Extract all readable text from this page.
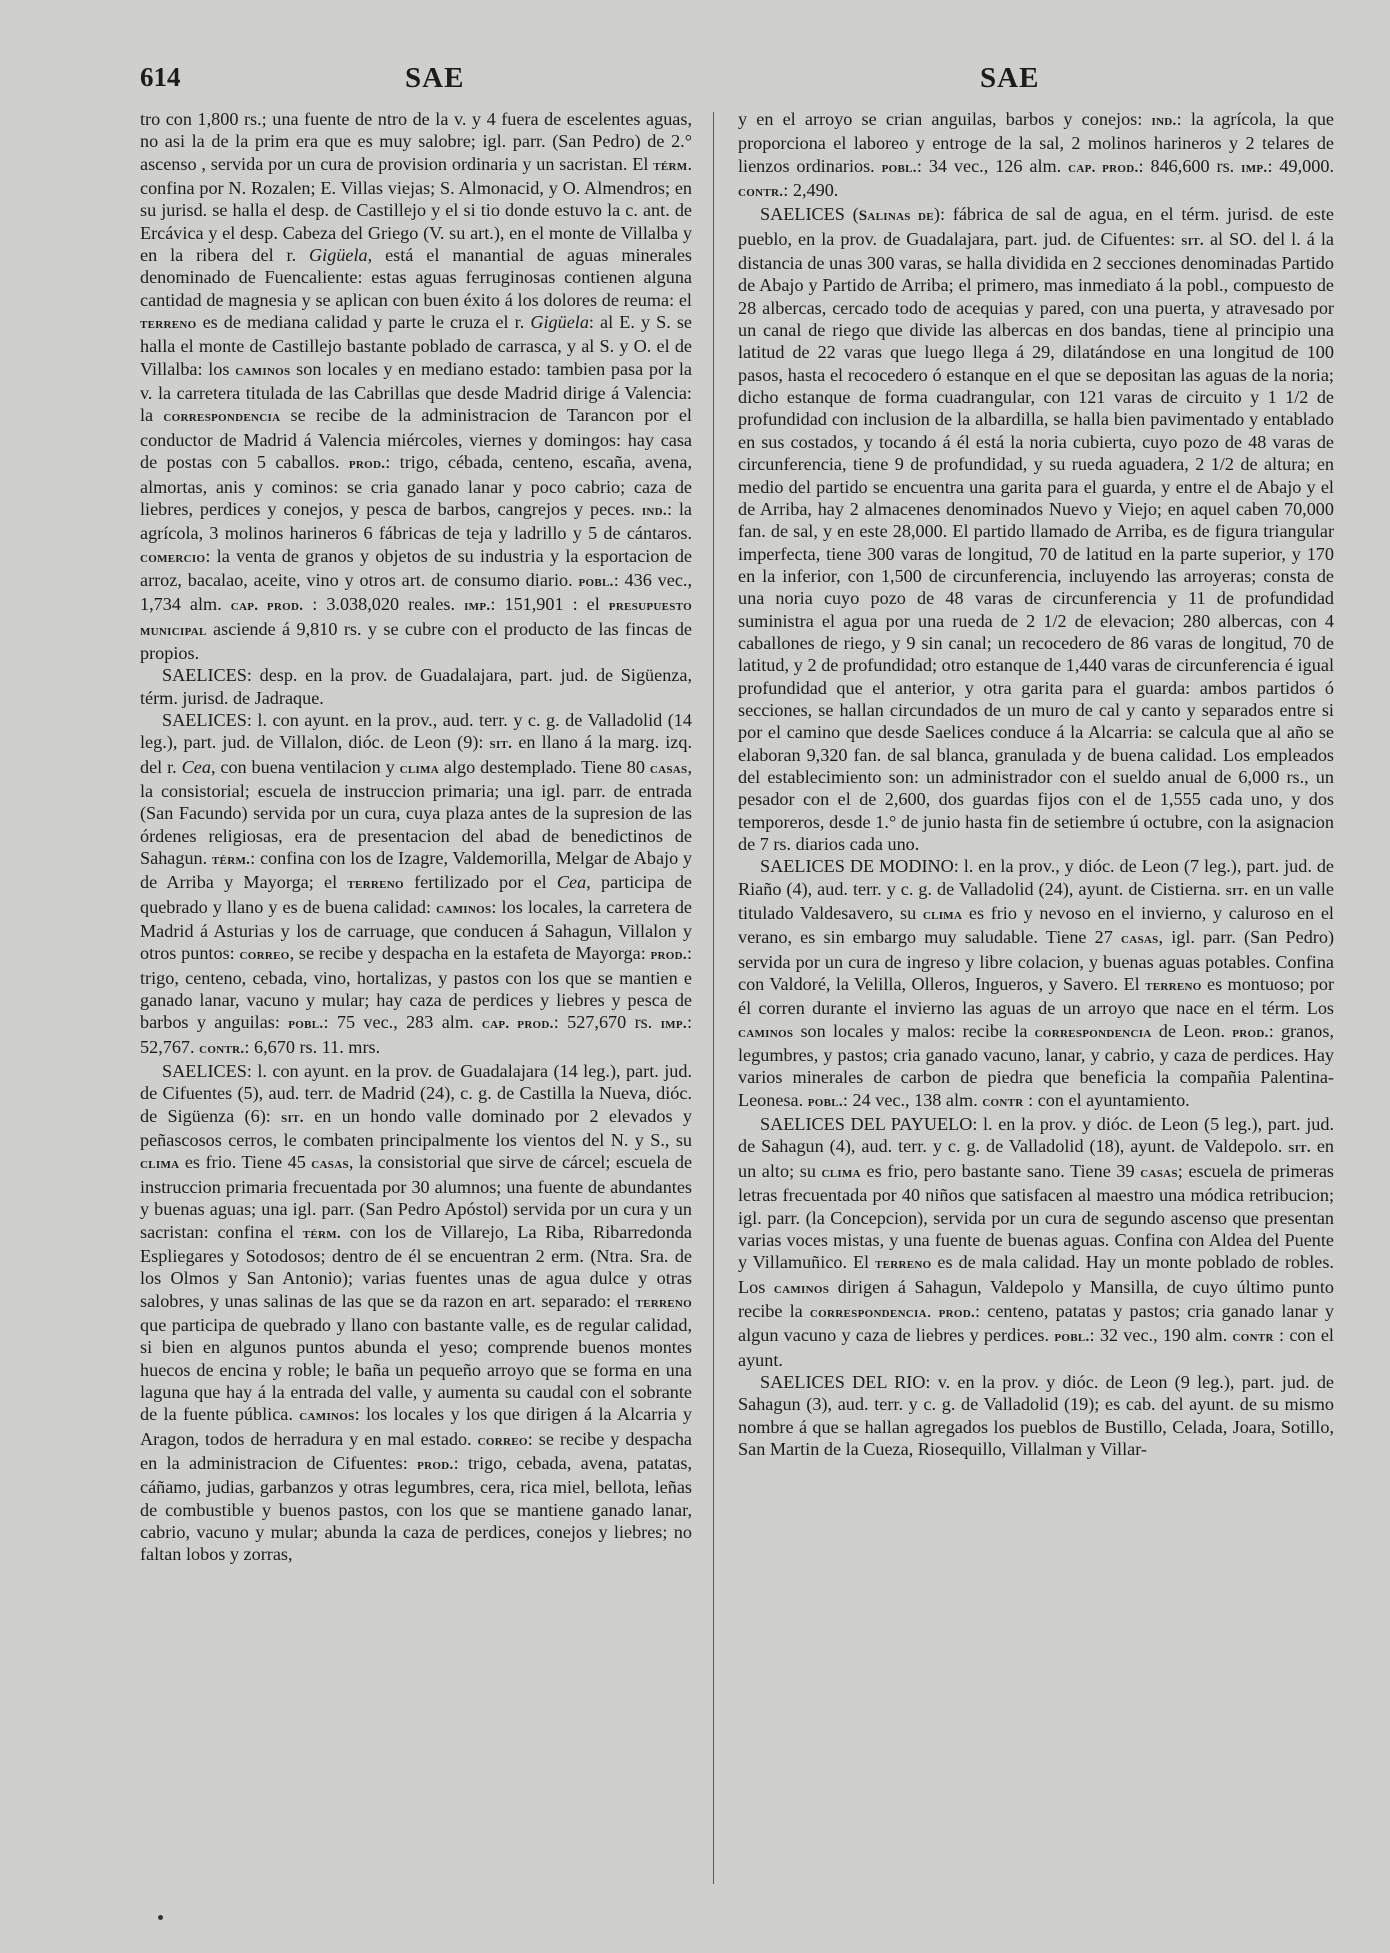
614	SAE	SAE

tro con 1,800 rs.; una fuente de ntro de la v. y 4 fuera de escelentes aguas, no asi la de la prim era que es muy salobre; igl. parr. (San Pedro) de 2.° ascenso , servida por un cura de provision ordinaria y un sacristan. El térm. confina por N. Rozalen; E. Villas viejas; S. Almonacid, y O. Almendros; en su jurisd. se halla el desp. de Castillejo y el si tio donde estuvo la c. ant. de Ercávica y el desp. Cabeza del Griego (V. su art.), en el monte de Villalba y en la ribera del r. Gigüela, está el manantial de aguas minerales denominado de Fuencaliente: estas aguas ferruginosas contienen alguna cantidad de magnesia y se aplican con buen éxito á los dolores de reuma: el terreno es de mediana calidad y parte le cruza el r. Gigüela: al E. y S. se halla el monte de Castillejo bastante poblado de carrasca, y al S. y O. el de Villalba: los caminos son locales y en mediano estado: tambien pasa por la v. la carretera titulada de las Cabrillas que desde Madrid dirige á Valencia: la correspondencia se recibe de la administracion de Tarancon por el conductor de Madrid á Valencia miércoles, viernes y domingos: hay casa de postas con 5 caballos. prod.: trigo, cébada, centeno, escaña, avena, almortas, anis y cominos: se cria ganado lanar y poco cabrio; caza de liebres, perdices y conejos, y pesca de barbos, cangrejos y peces. ind.: la agrícola, 3 molinos harineros 6 fábricas de teja y ladrillo y 5 de cántaros. comercio: la venta de granos y objetos de su industria y la esportacion de arroz, bacalao, aceite, vino y otros art. de consumo diario. pobl.: 436 vec., 1,734 alm. cap. prod. : 3.038,020 reales. imp.: 151,901 : el presupuesto municipal asciende á 9,810 rs. y se cubre con el producto de las fincas de propios.

SAELICES: desp. en la prov. de Guadalajara, part. jud. de Sigüenza, térm. jurisd. de Jadraque.

SAELICES: l. con ayunt. en la prov., aud. terr. y c. g. de Valladolid (14 leg.), part. jud. de Villalon, dióc. de Leon (9): sit. en llano á la marg. izq. del r. Cea, con buena ventilacion y clima algo destemplado. Tiene 80 casas, la consistorial; escuela de instruccion primaria; una igl. parr. de entrada (San Facundo) servida por un cura, cuya plaza antes de la supresion de las órdenes religiosas, era de presentacion del abad de benedictinos de Sahagun. térm.: confina con los de Izagre, Valdemorilla, Melgar de Abajo y de Arriba y Mayorga; el terreno fertilizado por el Cea, participa de quebrado y llano y es de buena calidad: caminos: los locales, la carretera de Madrid á Asturias y los de carruage, que conducen á Sahagun, Villalon y otros puntos: correo, se recibe y despacha en la estafeta de Mayorga: prod.: trigo, centeno, cebada, vino, hortalizas, y pastos con los que se mantien e ganado lanar, vacuno y mular; hay caza de perdices y liebres y pesca de barbos y anguilas: pobl.: 75 vec., 283 alm. cap. prod.: 527,670 rs. imp.: 52,767. contr.: 6,670 rs. 11. mrs.

SAELICES: l. con ayunt. en la prov. de Guadalajara (14 leg.), part. jud. de Cifuentes (5), aud. terr. de Madrid (24), c. g. de Castilla la Nueva, dióc. de Sigüenza (6): sit. en un hondo valle dominado por 2 elevados y peñascosos cerros, le combaten principalmente los vientos del N. y S., su clima es frio. Tiene 45 casas, la consistorial que sirve de cárcel; escuela de instruccion primaria frecuentada por 30 alumnos; una fuente de abundantes y buenas aguas; una igl. parr. (San Pedro Apóstol) servida por un cura y un sacristan: confina el térm. con los de Villarejo, La Riba, Ribarredonda Espliegares y Sotodosos; dentro de él se encuentran 2 erm. (Ntra. Sra. de los Olmos y San Antonio); varias fuentes unas de agua dulce y otras salobres, y unas salinas de las que se da razon en art. separado: el terreno que participa de quebrado y llano con bastante valle, es de regular calidad, si bien en algunos puntos abunda el yeso; comprende buenos montes huecos de encina y roble; le baña un pequeño arroyo que se forma en una laguna que hay á la entrada del valle, y aumenta su caudal con el sobrante de la fuente pública. caminos: los locales y los que dirigen á la Alcarria y Aragon, todos de herradura y en mal estado. correo: se recibe y despacha en la administracion de Cifuentes: prod.: trigo, cebada, avena, patatas, cáñamo, judias, garbanzos y otras legumbres, cera, rica miel, bellota, leñas de combustible y buenos pastos, con los que se mantiene ganado lanar, cabrio, vacuno y mular; abunda la caza de perdices, conejos y liebres; no faltan lobos y zorras,

y en el arroyo se crian anguilas, barbos y conejos: ind.: la agrícola, la que proporciona el laboreo y entroge de la sal, 2 molinos harineros y 2 telares de lienzos ordinarios. pobl.: 34 vec., 126 alm. cap. prod.: 846,600 rs. imp.: 49,000. contr.: 2,490.

SAELICES (Salinas de): fábrica de sal de agua, en el térm. jurisd. de este pueblo, en la prov. de Guadalajara, part. jud. de Cifuentes: sit. al SO. del l. á la distancia de unas 300 varas, se halla dividida en 2 secciones denominadas Partido de Abajo y Partido de Arriba; el primero, mas inmediato á la pobl., compuesto de 28 albercas, cercado todo de acequias y pared, con una puerta, y atravesado por un canal de riego que divide las albercas en dos bandas, tiene al principio una latitud de 22 varas que luego llega á 29, dilatándose en una longitud de 100 pasos, hasta el recocedero ó estanque en el que se depositan las aguas de la noria; dicho estanque de forma cuadrangular, con 121 varas de circuito y 1 1/2 de profundidad con inclusion de la albardilla, se halla bien pavimentado y entablado en sus costados, y tocando á él está la noria cubierta, cuyo pozo de 48 varas de circunferencia, tiene 9 de profundidad, y su rueda aguadera, 2 1/2 de altura; en medio del partido se encuentra una garita para el guarda, y entre el de Abajo y el de Arriba, hay 2 almacenes denominados Nuevo y Viejo; en aquel caben 70,000 fan. de sal, y en este 28,000. El partido llamado de Arriba, es de figura triangular imperfecta, tiene 300 varas de longitud, 70 de latitud en la parte superior, y 170 en la inferior, con 1,500 de circunferencia, incluyendo las arroyeras; consta de una noria cuyo pozo de 48 varas de circunferencia y 11 de profundidad suministra el agua por una rueda de 2 1/2 de elevacion; 280 albercas, con 4 caballones de riego, y 9 sin canal; un recocedero de 86 varas de longitud, 70 de latitud, y 2 de profundidad; otro estanque de 1,440 varas de circunferencia é igual profundidad que el anterior, y otra garita para el guarda: ambos partidos ó secciones, se hallan circundados de un muro de cal y canto y separados entre si por el camino que desde Saelices conduce á la Alcarria: se calcula que al año se elaboran 9,320 fan. de sal blanca, granulada y de buena calidad. Los empleados del establecimiento son: un administrador con el sueldo anual de 6,000 rs., un pesador con el de 2,600, dos guardas fijos con el de 1,555 cada uno, y dos temporeros, desde 1.° de junio hasta fin de setiembre ú octubre, con la asignacion de 7 rs. diarios cada uno.

SAELICES DE MODINO: l. en la prov., y dióc. de Leon (7 leg.), part. jud. de Riaño (4), aud. terr. y c. g. de Valladolid (24), ayunt. de Cistierna. sit. en un valle titulado Valdesavero, su clima es frio y nevoso en el invierno, y caluroso en el verano, es sin embargo muy saludable. Tiene 27 casas, igl. parr. (San Pedro) servida por un cura de ingreso y libre colacion, y buenas aguas potables. Confina con Valdoré, la Velilla, Olleros, Ingueros, y Savero. El terreno es montuoso; por él corren durante el invierno las aguas de un arroyo que nace en el térm. Los caminos son locales y malos: recibe la correspondencia de Leon. prod.: granos, legumbres, y pastos; cria ganado vacuno, lanar, y cabrio, y caza de perdices. Hay varios minerales de carbon de piedra que beneficia la compañia Palentina-Leonesa. pobl.: 24 vec., 138 alm. contr : con el ayuntamiento.

SAELICES DEL PAYUELO: l. en la prov. y dióc. de Leon (5 leg.), part. jud. de Sahagun (4), aud. terr. y c. g. de Valladolid (18), ayunt. de Valdepolo. sit. en un alto; su clima es frio, pero bastante sano. Tiene 39 casas; escuela de primeras letras frecuentada por 40 niños que satisfacen al maestro una módica retribucion; igl. parr. (la Concepcion), servida por un cura de segundo ascenso que presentan varias voces mistas, y una fuente de buenas aguas. Confina con Aldea del Puente y Villamuñico. El terreno es de mala calidad. Hay un monte poblado de robles. Los caminos dirigen á Sahagun, Valdepolo y Mansilla, de cuyo último punto recibe la correspondencia. prod.: centeno, patatas y pastos; cria ganado lanar y algun vacuno y caza de liebres y perdices. pobl.: 32 vec., 190 alm. contr : con el ayunt.

SAELICES DEL RIO: v. en la prov. y dióc. de Leon (9 leg.), part. jud. de Sahagun (3), aud. terr. y c. g. de Valladolid (19); es cab. del ayunt. de su mismo nombre á que se hallan agregados los pueblos de Bustillo, Celada, Joara, Sotillo, San Martin de la Cueza, Riosequillo, Villalman y Villar-
